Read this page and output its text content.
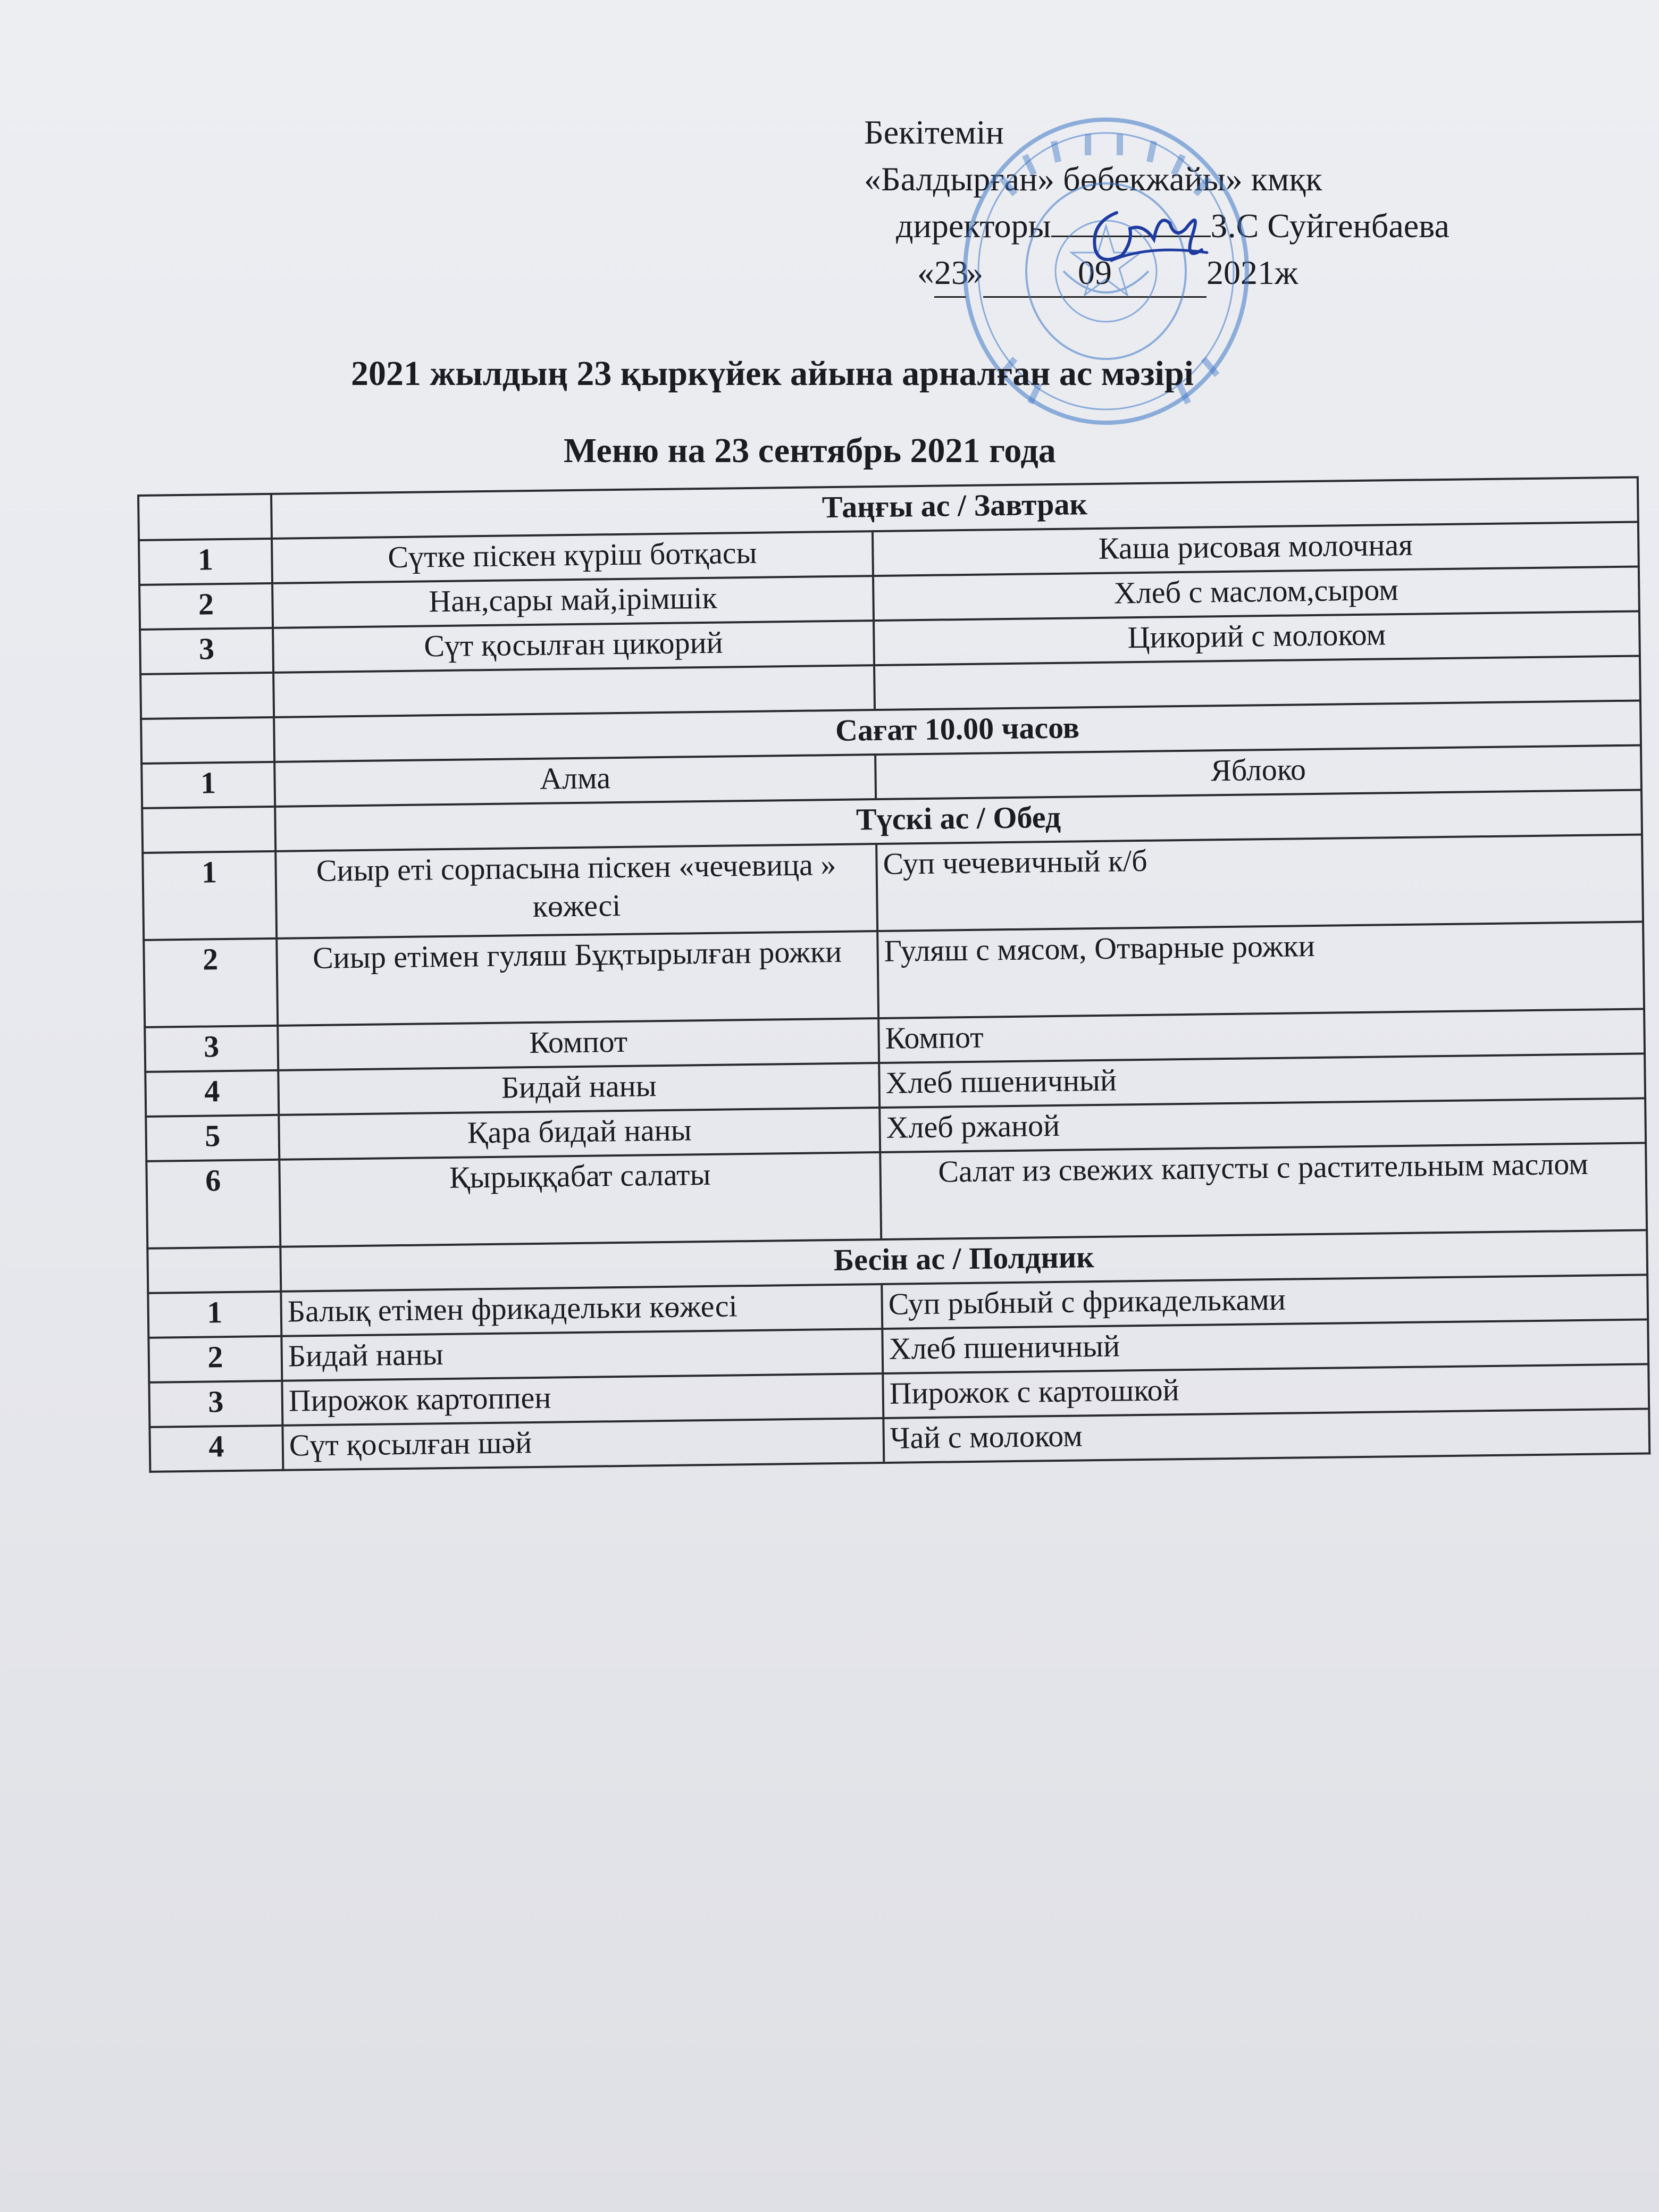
Бекітемін
«Балдырған» бөбекжайы» кмқк
директоры	З.С Суйгенбаева
«23»	09	2021ж
2021 жылдың 23 қыркүйек айына арналған ас мәзірі
Меню на 23 сентябрь 2021 года
	Таңғы ас / Завтрак	
1	Сүтке піскен күріш ботқасы	Каша рисовая молочная
2	Нан,сары май,ірімшік	Хлеб с маслом,сыром
3	Сүт қосылған цикорий	Цикорий с молоком

	Сағат 10.00 часов	
1	Алма	Яблоко
	Түскі ас / Обед	
1	Сиыр еті сорпасына піскен «чечевица » көжесі	Суп чечевичный к/б
2	Сиыр етімен гуляш Бұқтырылған рожки	Гуляш с мясом, Отварные рожки
3	Компот	Компот
4	Бидай наны	Хлеб пшеничный
5	Қара бидай наны	Хлеб ржаной
6	Қырыққабат салаты	Салат из свежих капусты с растительным маслом
	Бесін ас / Полдник	
1	Балық етімен фрикадельки көжесі	Суп рыбный с фрикадельками
2	Бидай наны	Хлеб пшеничный
3	Пирожок картоппен	Пирожок с картошкой
4	Сүт қосылған шәй	Чай с молоком
